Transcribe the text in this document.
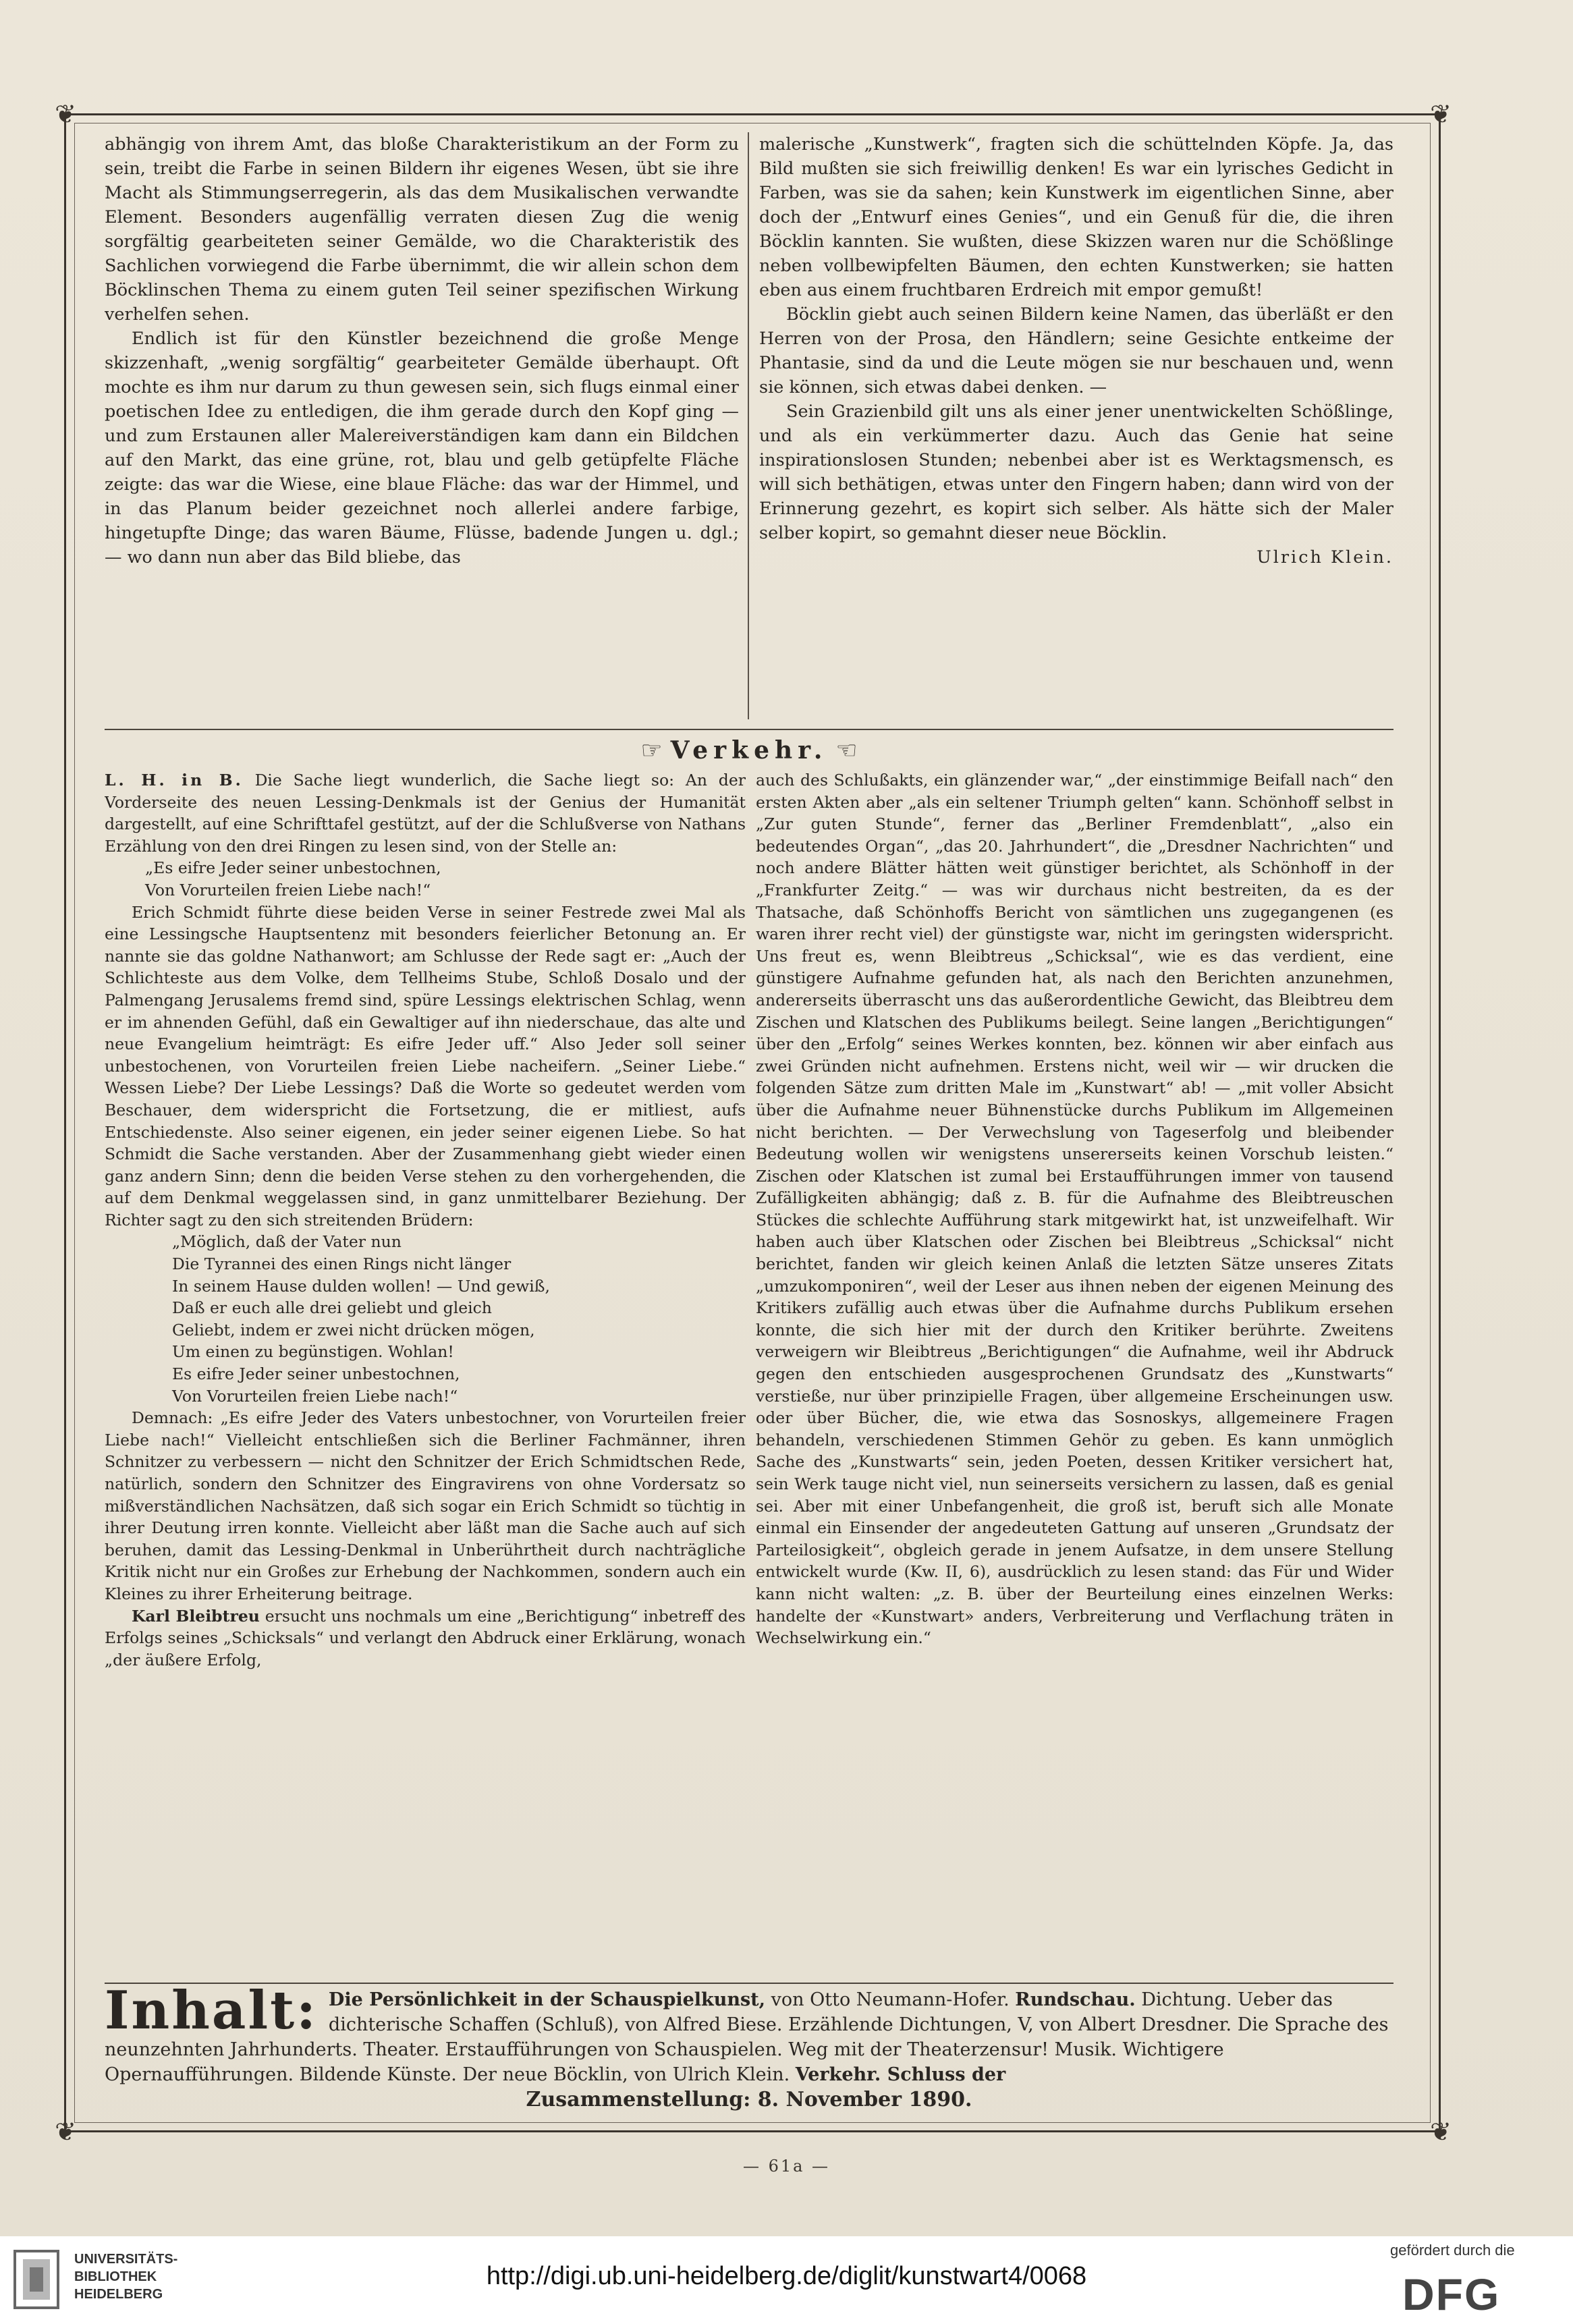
❦	❦
❦	❦

abhängig von ihrem Amt, das bloße Charakteristikum an der Form zu sein, treibt die Farbe in seinen Bildern ihr eigenes Wesen, übt sie ihre Macht als Stimmungserregerin, als das dem Musikalischen verwandte Element. Besonders augenfällig verraten diesen Zug die wenig sorgfältig gearbeiteten seiner Gemälde, wo die Charakteristik des Sachlichen vorwiegend die Farbe übernimmt, die wir allein schon dem Böcklinschen Thema zu einem guten Teil seiner spezifischen Wirkung verhelfen sehen.

Endlich ist für den Künstler bezeichnend die große Menge skizzenhaft, „wenig sorgfältig“ gearbeiteter Gemälde überhaupt. Oft mochte es ihm nur darum zu thun gewesen sein, sich flugs einmal einer poetischen Idee zu entledigen, die ihm gerade durch den Kopf ging — und zum Erstaunen aller Malereiverständigen kam dann ein Bildchen auf den Markt, das eine grüne, rot, blau und gelb getüpfelte Fläche zeigte: das war die Wiese, eine blaue Fläche: das war der Himmel, und in das Planum beider gezeichnet noch allerlei andere farbige, hingetupfte Dinge; das waren Bäume, Flüsse, badende Jungen u. dgl.; — wo dann nun aber das Bild bliebe, das

malerische „Kunstwerk“, fragten sich die schüttelnden Köpfe. Ja, das Bild mußten sie sich freiwillig denken! Es war ein lyrisches Gedicht in Farben, was sie da sahen; kein Kunstwerk im eigentlichen Sinne, aber doch der „Entwurf eines Genies“, und ein Genuß für die, die ihren Böcklin kannten. Sie wußten, diese Skizzen waren nur die Schößlinge neben vollbewipfelten Bäumen, den echten Kunstwerken; sie hatten eben aus einem fruchtbaren Erdreich mit empor gemußt!

Böcklin giebt auch seinen Bildern keine Namen, das überläßt er den Herren von der Prosa, den Händlern; seine Gesichte entkeime der Phantasie, sind da und die Leute mögen sie nur beschauen und, wenn sie können, sich etwas dabei denken. —

Sein Grazienbild gilt uns als einer jener unentwickelten Schößlinge, und als ein verkümmerter dazu. Auch das Genie hat seine inspirationslosen Stunden; nebenbei aber ist es Werktagsmensch, es will sich bethätigen, etwas unter den Fingern haben; dann wird von der Erinnerung gezehrt, es kopirt sich selber. Als hätte sich der Maler selber kopirt, so gemahnt dieser neue Böcklin.

Ulrich Klein.
☞ Verkehr. ☜

L. H. in B. Die Sache liegt wunderlich, die Sache liegt so: An der Vorderseite des neuen Lessing-Denkmals ist der Genius der Humanität dargestellt, auf eine Schrifttafel gestützt, auf der die Schlußverse von Nathans Erzählung von den drei Ringen zu lesen sind, von der Stelle an:

„Es eifre Jeder seiner unbestochnen,

Von Vorurteilen freien Liebe nach!“

Erich Schmidt führte diese beiden Verse in seiner Festrede zwei Mal als eine Lessingsche Hauptsentenz mit besonders feierlicher Betonung an. Er nannte sie das goldne Nathanwort; am Schlusse der Rede sagt er: „Auch der Schlichteste aus dem Volke, dem Tellheims Stube, Schloß Dosalo und der Palmengang Jerusalems fremd sind, spüre Lessings elektrischen Schlag, wenn er im ahnenden Gefühl, daß ein Gewaltiger auf ihn niederschaue, das alte und neue Evangelium heimträgt: Es eifre Jeder uff.“ Also Jeder soll seiner unbestochenen, von Vorurteilen freien Liebe nacheifern. „Seiner Liebe.“ Wessen Liebe? Der Liebe Lessings? Daß die Worte so gedeutet werden vom Beschauer, dem widerspricht die Fortsetzung, die er mitliest, aufs Entschiedenste. Also seiner eigenen, ein jeder seiner eigenen Liebe. So hat Schmidt die Sache verstanden. Aber der Zusammenhang giebt wieder einen ganz andern Sinn; denn die beiden Verse stehen zu den vorhergehenden, die auf dem Denkmal weggelassen sind, in ganz unmittelbarer Beziehung. Der Richter sagt zu den sich streitenden Brüdern:

„Möglich, daß der Vater nun

Die Tyrannei des einen Rings nicht länger

In seinem Hause dulden wollen! — Und gewiß,

Daß er euch alle drei geliebt und gleich

Geliebt, indem er zwei nicht drücken mögen,

Um einen zu begünstigen. Wohlan!

Es eifre Jeder seiner unbestochnen,

Von Vorurteilen freien Liebe nach!“

Demnach: „Es eifre Jeder des Vaters unbestochner, von Vorurteilen freier Liebe nach!“ Vielleicht entschließen sich die Berliner Fachmänner, ihren Schnitzer zu verbessern — nicht den Schnitzer der Erich Schmidtschen Rede, natürlich, sondern den Schnitzer des Eingravirens von ohne Vordersatz so mißverständlichen Nachsätzen, daß sich sogar ein Erich Schmidt so tüchtig in ihrer Deutung irren konnte. Vielleicht aber läßt man die Sache auch auf sich beruhen, damit das Lessing-Denkmal in Unberührtheit durch nachträgliche Kritik nicht nur ein Großes zur Erhebung der Nachkommen, sondern auch ein Kleines zu ihrer Erheiterung beitrage.

Karl Bleibtreu ersucht uns nochmals um eine „Berichtigung“ inbetreff des Erfolgs seines „Schicksals“ und verlangt den Abdruck einer Erklärung, wonach „der äußere Erfolg,

auch des Schlußakts, ein glänzender war,“ „der einstimmige Beifall nach“ den ersten Akten aber „als ein seltener Triumph gelten“ kann. Schönhoff selbst in „Zur guten Stunde“, ferner das „Berliner Fremdenblatt“, „also ein bedeutendes Organ“, „das 20. Jahrhundert“, die „Dresdner Nachrichten“ und noch andere Blätter hätten weit günstiger berichtet, als Schönhoff in der „Frankfurter Zeitg.“ — was wir durchaus nicht bestreiten, da es der Thatsache, daß Schönhoffs Bericht von sämtlichen uns zugegangenen (es waren ihrer recht viel) der günstigste war, nicht im geringsten widerspricht. Uns freut es, wenn Bleibtreus „Schicksal“, wie es das verdient, eine günstigere Aufnahme gefunden hat, als nach den Berichten anzunehmen, andererseits überrascht uns das außerordentliche Gewicht, das Bleibtreu dem Zischen und Klatschen des Publikums beilegt. Seine langen „Berichtigungen“ über den „Erfolg“ seines Werkes konnten, bez. können wir aber einfach aus zwei Gründen nicht aufnehmen. Erstens nicht, weil wir — wir drucken die folgenden Sätze zum dritten Male im „Kunstwart“ ab! — „mit voller Absicht über die Aufnahme neuer Bühnenstücke durchs Publikum im Allgemeinen nicht berichten. — Der Verwechslung von Tageserfolg und bleibender Bedeutung wollen wir wenigstens unsererseits keinen Vorschub leisten.“ Zischen oder Klatschen ist zumal bei Erstaufführungen immer von tausend Zufälligkeiten abhängig; daß z. B. für die Aufnahme des Bleibtreuschen Stückes die schlechte Aufführung stark mitgewirkt hat, ist unzweifelhaft. Wir haben auch über Klatschen oder Zischen bei Bleibtreus „Schicksal“ nicht berichtet, fanden wir gleich keinen Anlaß die letzten Sätze unseres Zitats „umzukomponiren“, weil der Leser aus ihnen neben der eigenen Meinung des Kritikers zufällig auch etwas über die Aufnahme durchs Publikum ersehen konnte, die sich hier mit der durch den Kritiker berührte. Zweitens verweigern wir Bleibtreus „Berichtigungen“ die Aufnahme, weil ihr Abdruck gegen den entschieden ausgesprochenen Grundsatz des „Kunstwarts“ verstieße, nur über prinzipielle Fragen, über allgemeine Erscheinungen usw. oder über Bücher, die, wie etwa das Sosnoskys, allgemeinere Fragen behandeln, verschiedenen Stimmen Gehör zu geben. Es kann unmöglich Sache des „Kunstwarts“ sein, jeden Poeten, dessen Kritiker versichert hat, sein Werk tauge nicht viel, nun seinerseits versichern zu lassen, daß es genial sei. Aber mit einer Unbefangenheit, die groß ist, beruft sich alle Monate einmal ein Einsender der angedeuteten Gattung auf unseren „Grundsatz der Parteilosigkeit“, obgleich gerade in jenem Aufsatze, in dem unsere Stellung entwickelt wurde (Kw. II, 6), ausdrücklich zu lesen stand: das Für und Wider kann nicht walten: „z. B. über der Beurteilung eines einzelnen Werks: handelte der «Kunstwart» anders, Verbreiterung und Verflachung träten in Wechselwirkung ein.“

Inhalt: Die Persönlichkeit in der Schauspielkunst, von Otto Neumann-Hofer. Rundschau. Dichtung. Ueber das dichterische Schaffen (Schluß), von Alfred Biese. Erzählende Dichtungen, V, von Albert Dresdner. Die Sprache des neunzehnten Jahrhunderts. Theater. Erstaufführungen von Schauspielen. Weg mit der Theaterzensur! Musik. Wichtigere Opernaufführungen. Bildende Künste. Der neue Böcklin, von Ulrich Klein. Verkehr. Schluss der
Zusammenstellung: 8. November 1890.
— 61a —
UNIVERSITÄTS-
BIBLIOTHEK
HEIDELBERG
http://digi.ub.uni-heidelberg.de/diglit/kunstwart4/0068
gefördert durch die
DFG
